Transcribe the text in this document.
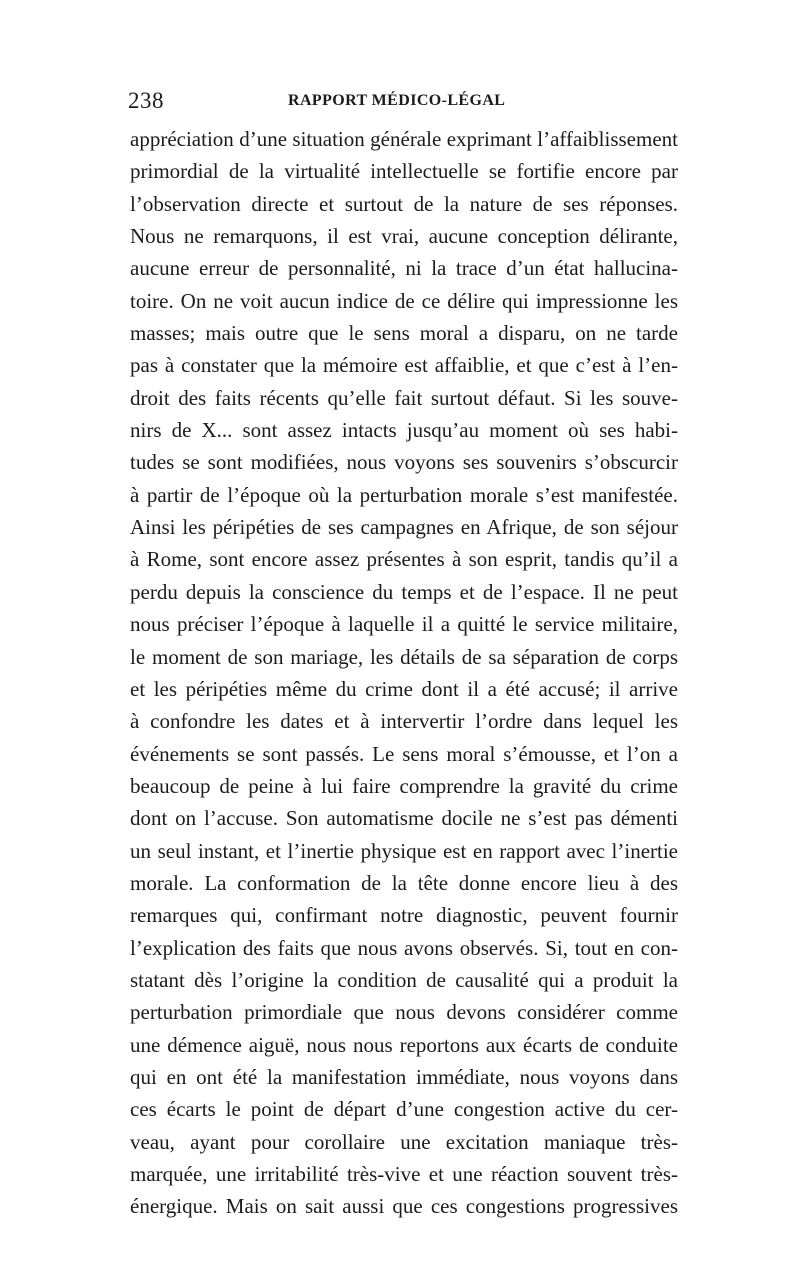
238	RAPPORT MÉDICO-LÉGAL
appréciation d’une situation générale exprimant l’affaiblissement
primordial de la virtualité intellectuelle se fortifie encore par
l’observation directe et surtout de la nature de ses réponses.
Nous ne remarquons, il est vrai, aucune conception délirante,
aucune erreur de personnalité, ni la trace d’un état hallucina-
toire. On ne voit aucun indice de ce délire qui impressionne les
masses; mais outre que le sens moral a disparu, on ne tarde
pas à constater que la mémoire est affaiblie, et que c’est à l’en-
droit des faits récents qu’elle fait surtout défaut. Si les souve-
nirs de X... sont assez intacts jusqu’au moment où ses habi-
tudes se sont modifiées, nous voyons ses souvenirs s’obscurcir
à partir de l’époque où la perturbation morale s’est manifestée.
Ainsi les péripéties de ses campagnes en Afrique, de son séjour
à Rome, sont encore assez présentes à son esprit, tandis qu’il a
perdu depuis la conscience du temps et de l’espace. Il ne peut
nous préciser l’époque à laquelle il a quitté le service militaire,
le moment de son mariage, les détails de sa séparation de corps
et les péripéties même du crime dont il a été accusé; il arrive
à confondre les dates et à intervertir l’ordre dans lequel les
événements se sont passés. Le sens moral s’émousse, et l’on a
beaucoup de peine à lui faire comprendre la gravité du crime
dont on l’accuse. Son automatisme docile ne s’est pas démenti
un seul instant, et l’inertie physique est en rapport avec l’inertie
morale. La conformation de la tête donne encore lieu à des
remarques qui, confirmant notre diagnostic, peuvent fournir
l’explication des faits que nous avons observés. Si, tout en con-
statant dès l’origine la condition de causalité qui a produit la
perturbation primordiale que nous devons considérer comme
une démence aiguë, nous nous reportons aux écarts de conduite
qui en ont été la manifestation immédiate, nous voyons dans
ces écarts le point de départ d’une congestion active du cer-
veau, ayant pour corollaire une excitation maniaque très-
marquée, une irritabilité très-vive et une réaction souvent très-
énergique. Mais on sait aussi que ces congestions progressives
